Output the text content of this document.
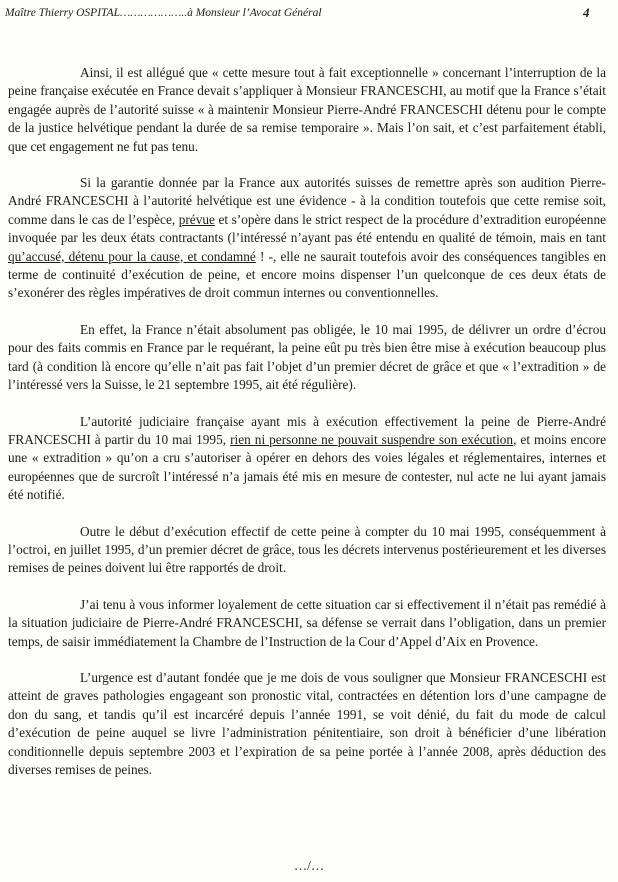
Maître Thierry OSPITAL………………..à Monsieur l’Avocat Général	4

Ainsi, il est allégué que « cette mesure tout à fait exceptionnelle » concernant l’interruption de la peine française exécutée en France devait s’appliquer à Monsieur FRANCESCHI, au motif que la France s’était engagée auprès de l’autorité suisse « à maintenir Monsieur Pierre-André FRANCESCHI détenu pour le compte de la justice helvétique pendant la durée de sa remise temporaire ». Mais l’on sait, et c’est parfaitement établi, que cet engagement ne fut pas tenu.

Si la garantie donnée par la France aux autorités suisses de remettre après son audition Pierre-André FRANCESCHI à l’autorité helvétique est une évidence - à la condition toutefois que cette remise soit, comme dans le cas de l’espèce, prévue et s’opère dans le strict respect de la procédure d’extradition européenne invoquée par les deux états contractants (l’intéressé n’ayant pas été entendu en qualité de témoin, mais en tant qu’accusé, détenu pour la cause, et condamné ! -, elle ne saurait toutefois avoir des conséquences tangibles en terme de continuité d’exécution de peine, et encore moins dispenser l’un quelconque de ces deux états de s’exonérer des règles impératives de droit commun internes ou conventionnelles.

En effet, la France n’était absolument pas obligée, le 10 mai 1995, de délivrer un ordre d’écrou pour des faits commis en France par le requérant, la peine eût pu très bien être mise à exécution beaucoup plus tard (à condition là encore qu’elle n’ait pas fait l’objet d’un premier décret de grâce et que « l’extradition » de l’intéressé vers la Suisse, le 21 septembre 1995, ait été régulière).

L’autorité judiciaire française ayant mis à exécution effectivement la peine de Pierre-André FRANCESCHI à partir du 10 mai 1995, rien ni personne ne pouvait suspendre son exécution, et moins encore une « extradition » qu’on a cru s’autoriser à opérer en dehors des voies légales et réglementaires, internes et européennes que de surcroît l’intéressé n’a jamais été mis en mesure de contester, nul acte ne lui ayant jamais été notifié.

Outre le début d’exécution effectif de cette peine à compter du 10 mai 1995, conséquemment à l’octroi, en juillet 1995, d’un premier décret de grâce, tous les décrets intervenus postérieurement et les diverses remises de peines doivent lui être rapportés de droit.

J’ai tenu à vous informer loyalement de cette situation car si effectivement il n’était pas remédié à la situation judiciaire de Pierre-André FRANCESCHI, sa défense se verrait dans l’obligation, dans un premier temps, de saisir immédiatement la Chambre de l’Instruction de la Cour d’Appel d’Aix en Provence.

L’urgence est d’autant fondée que je me dois de vous souligner que Monsieur FRANCESCHI est atteint de graves pathologies engageant son pronostic vital, contractées en détention lors d’une campagne de don du sang, et tandis qu’il est incarcéré depuis l’année 1991, se voit dénié, du fait du mode de calcul d’exécution de peine auquel se livre l’administration pénitentiaire, son droit à bénéficier d’une libération conditionnelle depuis septembre 2003 et l’expiration de sa peine portée à l’année 2008, après déduction des diverses remises de peines.

…/…
